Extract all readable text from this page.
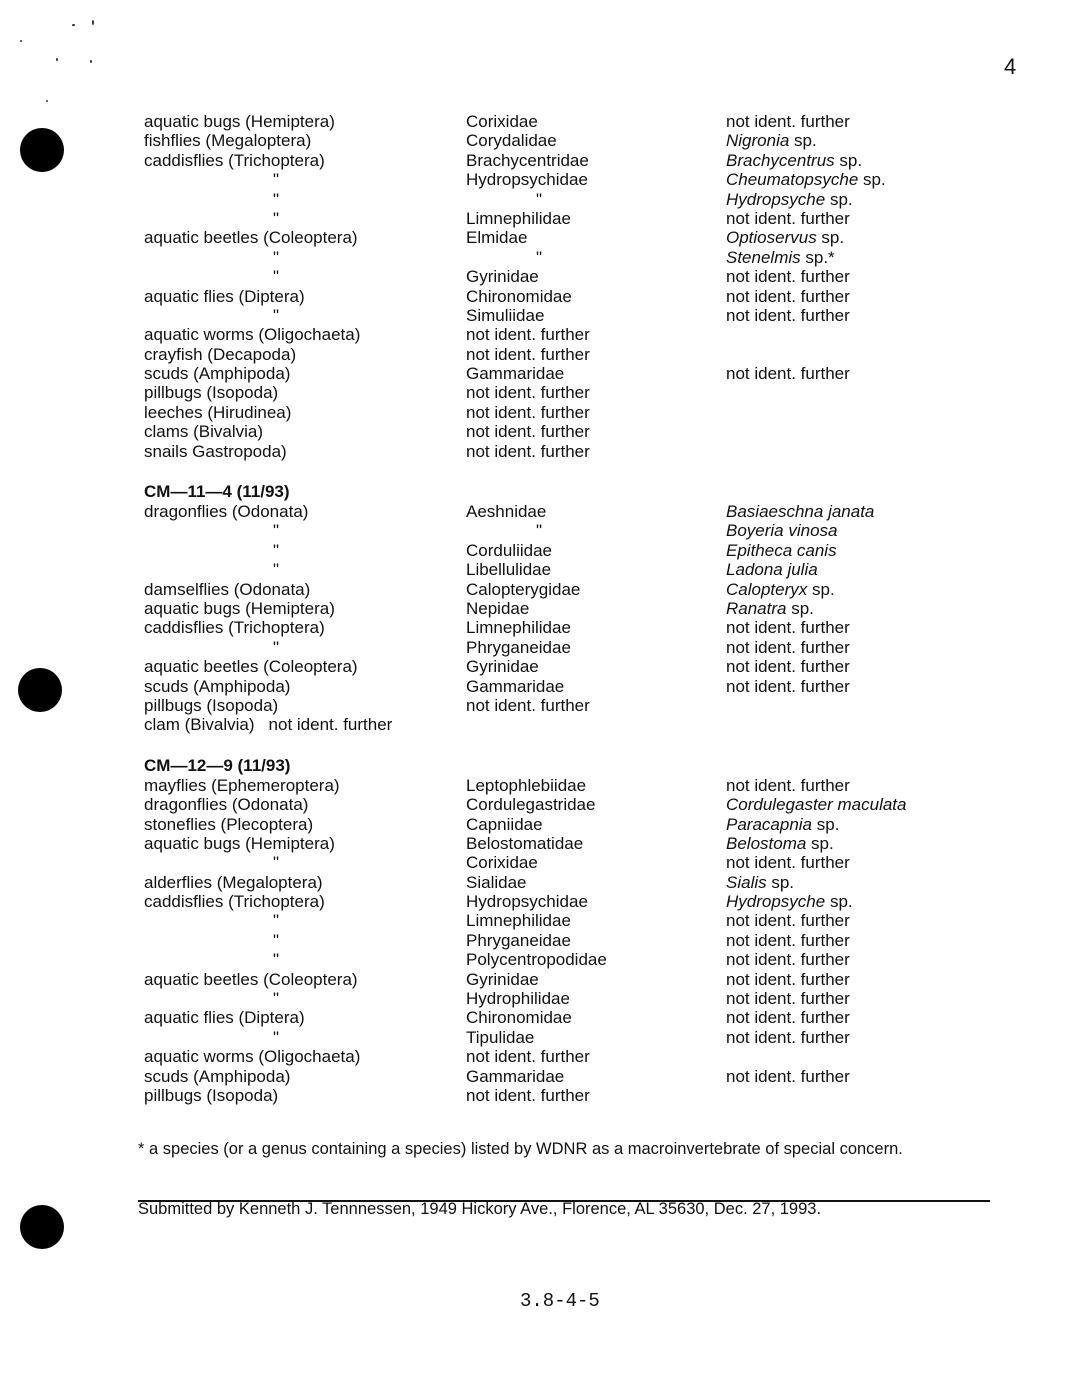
4
aquatic bugs (Hemiptera)	Corixidae	not ident. further
fishflies (Megaloptera)	Corydalidae	Nigronia sp.
caddisflies (Trichoptera)	Brachycentridae	Brachycentrus sp.
"	Hydropsychidae	Cheumatopsyche sp.
"	"	Hydropsyche sp.
"	Limnephilidae	not ident. further
aquatic beetles (Coleoptera)	Elmidae	Optioservus sp.
"	"	Stenelmis sp.*
"	Gyrinidae	not ident. further
aquatic flies (Diptera)	Chironomidae	not ident. further
"	Simuliidae	not ident. further
aquatic worms (Oligochaeta)	not ident. further
crayfish (Decapoda)	not ident. further
scuds (Amphipoda)	Gammaridae	not ident. further
pillbugs (Isopoda)	not ident. further
leeches (Hirudinea)	not ident. further
clams (Bivalvia)	not ident. further
snails Gastropoda)	not ident. further
CM—11—4 (11/93)
dragonflies (Odonata)	Aeshnidae	Basiaeschna janata
"	"	Boyeria vinosa
"	Corduliidae	Epitheca canis
"	Libellulidae	Ladona julia
damselflies (Odonata)	Calopterygidae	Calopteryx sp.
aquatic bugs (Hemiptera)	Nepidae	Ranatra sp.
caddisflies (Trichoptera)	Limnephilidae	not ident. further
"	Phryganeidae	not ident. further
aquatic beetles (Coleoptera)	Gyrinidae	not ident. further
scuds (Amphipoda)	Gammaridae	not ident. further
pillbugs (Isopoda)	not ident. further
clam (Bivalvia) not ident. further
CM—12—9 (11/93)
mayflies (Ephemeroptera)	Leptophlebiidae	not ident. further
dragonflies (Odonata)	Cordulegastridae	Cordulegaster maculata
stoneflies (Plecoptera)	Capniidae	Paracapnia sp.
aquatic bugs (Hemiptera)	Belostomatidae	Belostoma sp.
"	Corixidae	not ident. further
alderflies (Megaloptera)	Sialidae	Sialis sp.
caddisflies (Trichoptera)	Hydropsychidae	Hydropsyche sp.
"	Limnephilidae	not ident. further
"	Phryganeidae	not ident. further
"	Polycentropodidae	not ident. further
aquatic beetles (Coleoptera)	Gyrinidae	not ident. further
"	Hydrophilidae	not ident. further
aquatic flies (Diptera)	Chironomidae	not ident. further
"	Tipulidae	not ident. further
aquatic worms (Oligochaeta)	not ident. further
scuds (Amphipoda)	Gammaridae	not ident. further
pillbugs (Isopoda)	not ident. further
* a species (or a genus containing a species) listed by WDNR as a macroinvertebrate of special concern.
Submitted by Kenneth J. Tennnessen, 1949 Hickory Ave., Florence, AL 35630, Dec. 27, 1993.
3.8-4-5
